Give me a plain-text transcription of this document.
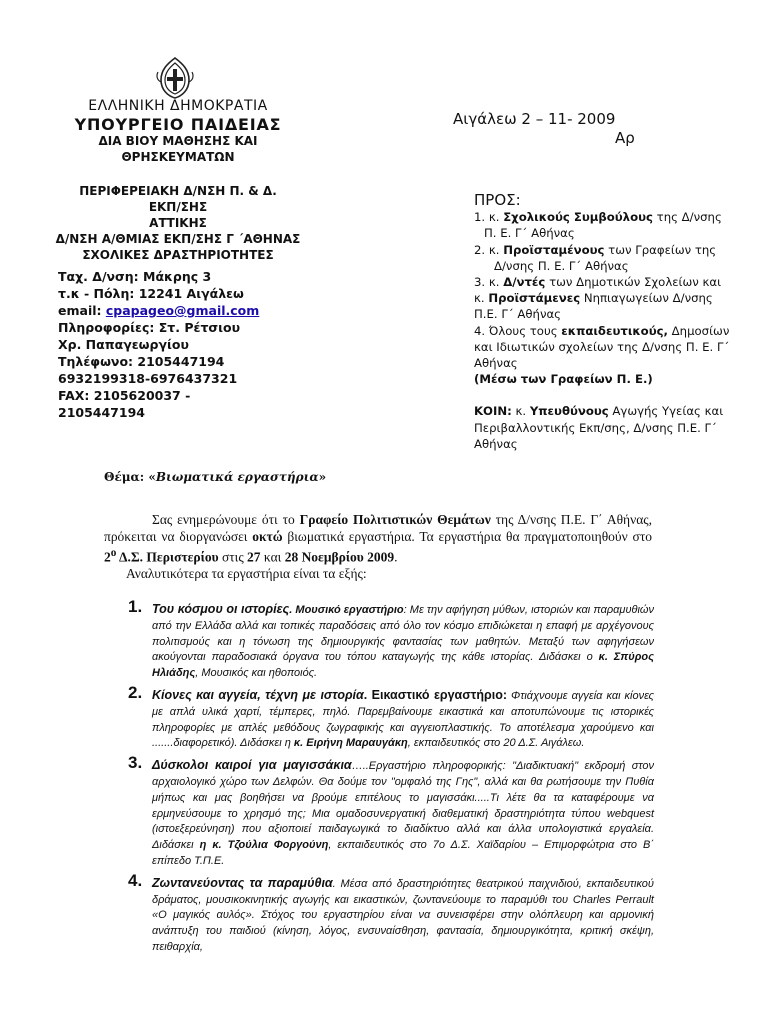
ΕΛΛΗΝΙΚΗ ΔΗΜΟΚΡΑΤΙΑ
ΥΠΟΥΡΓΕΙΟ ΠΑΙΔΕΙΑΣ
ΔΙΑ ΒΙΟΥ ΜΑΘΗΣΗΣ ΚΑΙ
ΘΡΗΣΚΕΥΜΑΤΩΝ
ΠΕΡΙΦΕΡΕΙΑΚΗ Δ/ΝΣΗ Π. & Δ.
ΕΚΠ/ΣΗΣ
ΑΤΤΙΚΗΣ
Δ/ΝΣΗ Α/ΘΜΙΑΣ ΕΚΠ/ΣΗΣ Γ ΄ΑΘΗΝΑΣ
ΣΧΟΛΙΚΕΣ ΔΡΑΣΤΗΡΙΟΤΗΤΕΣ
Ταχ. Δ/νση: Μάκρης 3
τ.κ - Πόλη: 12241 Αιγάλεω
email: cpapageo@gmail.com
Πληροφορίες: Στ. Ρέτσιου
Χρ. Παπαγεωργίου
Τηλέφωνο: 2105447194
6932199318-6976437321
FAX: 2105620037 -
2105447194
Αιγάλεω 2 – 11- 2009
Αρ
ΠΡΟΣ:
1. κ. Σχολικούς Συμβούλους της Δ/νσης
Π. Ε. Γ΄ Αθήνας
2. κ. Προϊσταμένους των Γραφείων της
Δ/νσης Π. Ε. Γ΄ Αθήνας
3. κ. Δ/ντές των Δημοτικών Σχολείων και κ. Προϊστάμενες Νηπιαγωγείων Δ/νσης Π.Ε. Γ΄ Αθήνας
4. Όλους τους εκπαιδευτικούς, Δημοσίων και Ιδιωτικών σχολείων της Δ/νσης Π. Ε. Γ΄ Αθήνας
(Μέσω των Γραφείων Π. Ε.)
ΚΟΙΝ: κ. Υπευθύνους Αγωγής Υγείας και Περιβαλλοντικής Εκπ/σης, Δ/νσης Π.Ε. Γ΄ Αθήνας
Θέμα: «Βιωματικά εργαστήρια»

Σας ενημερώνουμε ότι το Γραφείο Πολιτιστικών Θεμάτων της Δ/νσης Π.Ε. Γ΄ Αθήνας, πρόκειται να διοργανώσει οκτώ βιωματικά εργαστήρια. Τα εργαστήρια θα πραγματοποιηθούν στο $2^o$ Δ.Σ. Περιστερίου στις 27 και 28 Νοεμβρίου 2009.

Αναλυτικότερα τα εργαστήρια είναι τα εξής:

1. Του κόσμου οι ιστορίες. Μουσικό εργαστήριο: Με την αφήγηση μύθων, ιστοριών και παραμυθιών από την Ελλάδα αλλά και τοπικές παραδόσεις από όλο τον κόσμο επιδιώκεται η επαφή με αρχέγονους πολιτισμούς και η τόνωση της δημιουργικής φαντασίας των μαθητών. Μεταξύ των αφηγήσεων ακούγονται παραδοσιακά όργανα του τόπου καταγωγής της κάθε ιστορίας. Διδάσκει ο κ. Σπύρος Ηλιάδης, Μουσικός και ηθοποιός.
2. Κίονες και αγγεία, τέχνη με ιστορία. Εικαστικό εργαστήριο: Φτιάχνουμε αγγεία και κίονες με απλά υλικά χαρτί, τέμπερες, πηλό. Παρεμβαίνουμε εικαστικά και αποτυπώνουμε τις ιστορικές πληροφορίες με απλές μεθόδους ζωγραφικής και αγγειοπλαστικής. Το αποτέλεσμα χαρούμενο και .......διαφορετικό). Διδάσκει η κ. Ειρήνη Μαραυγάκη, εκπαιδευτικός στο 20 Δ.Σ. Αιγάλεω.
3. Δύσκολοι καιροί για μαγισσάκια…..Εργαστήριο πληροφορικής: "Διαδικτυακή" εκδρομή στον αρχαιολογικό χώρο των Δελφών. Θα δούμε τον "ομφαλό της Γης", αλλά και θα ρωτήσουμε την Πυθία μήπως και μας βοηθήσει να βρούμε επιτέλους το μαγισσάκι.....Τι λέτε θα τα καταφέρουμε να ερμηνεύσουμε το χρησμό της; Μια ομαδοσυνεργατική διαθεματική δραστηριότητα τύπου webquest (ιστοεξερεύνηση) που αξιοποιεί παιδαγωγικά το διαδίκτυο αλλά και άλλα υπολογιστικά εργαλεία. Διδάσκει η κ. Τζούλια Φοργούνη, εκπαιδευτικός στο 7ο Δ.Σ. Χαϊδαρίου – Επιμορφώτρια στο Β΄ επίπεδο Τ.Π.Ε.
4. Ζωντανεύοντας τα παραμύθια. Μέσα από δραστηριότητες θεατρικού παιχνιδιού, εκπαιδευτικού δράματος, μουσικοκινητικής αγωγής και εικαστικών, ζωντανεύουμε το παραμύθι του Charles Perrault «Ο μαγικός αυλός». Στόχος του εργαστηρίου είναι να συνεισφέρει στην ολόπλευρη και αρμονική ανάπτυξη του παιδιού (κίνηση, λόγος, ενσυναίσθηση, φαντασία, δημιουργικότητα, κριτική σκέψη, πειθαρχία,
